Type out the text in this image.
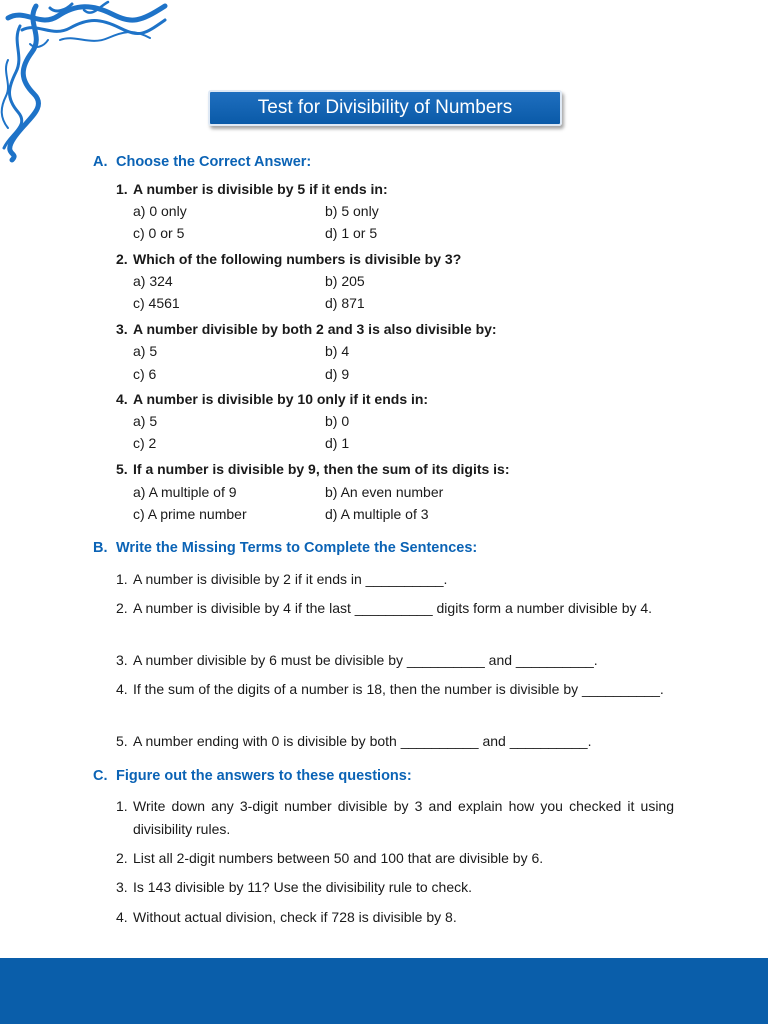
Test for Divisibility of Numbers
A. Choose the Correct Answer:
1. A number is divisible by 5 if it ends in:
a) 0 only	b) 5 only
c) 0 or 5	d) 1 or 5
2. Which of the following numbers is divisible by 3?
a) 324	b) 205
c) 4561	d) 871
3. A number divisible by both 2 and 3 is also divisible by:
a) 5	b) 4
c) 6	d) 9
4. A number is divisible by 10 only if it ends in:
a) 5	b) 0
c) 2	d) 1
5. If a number is divisible by 9, then the sum of its digits is:
a) A multiple of 9	b) An even number
c) A prime number	d) A multiple of 3
B. Write the Missing Terms to Complete the Sentences:
1. A number is divisible by 2 if it ends in __________.
2. A number is divisible by 4 if the last __________ digits form a number divisible by 4.
3. A number divisible by 6 must be divisible by __________ and __________.
4. If the sum of the digits of a number is 18, then the number is divisible by __________.
5. A number ending with 0 is divisible by both __________ and __________.
C. Figure out the answers to these questions:
1. Write down any 3-digit number divisible by 3 and explain how you checked it using divisibility rules.
2. List all 2-digit numbers between 50 and 100 that are divisible by 6.
3. Is 143 divisible by 11? Use the divisibility rule to check.
4. Without actual division, check if 728 is divisible by 8.
